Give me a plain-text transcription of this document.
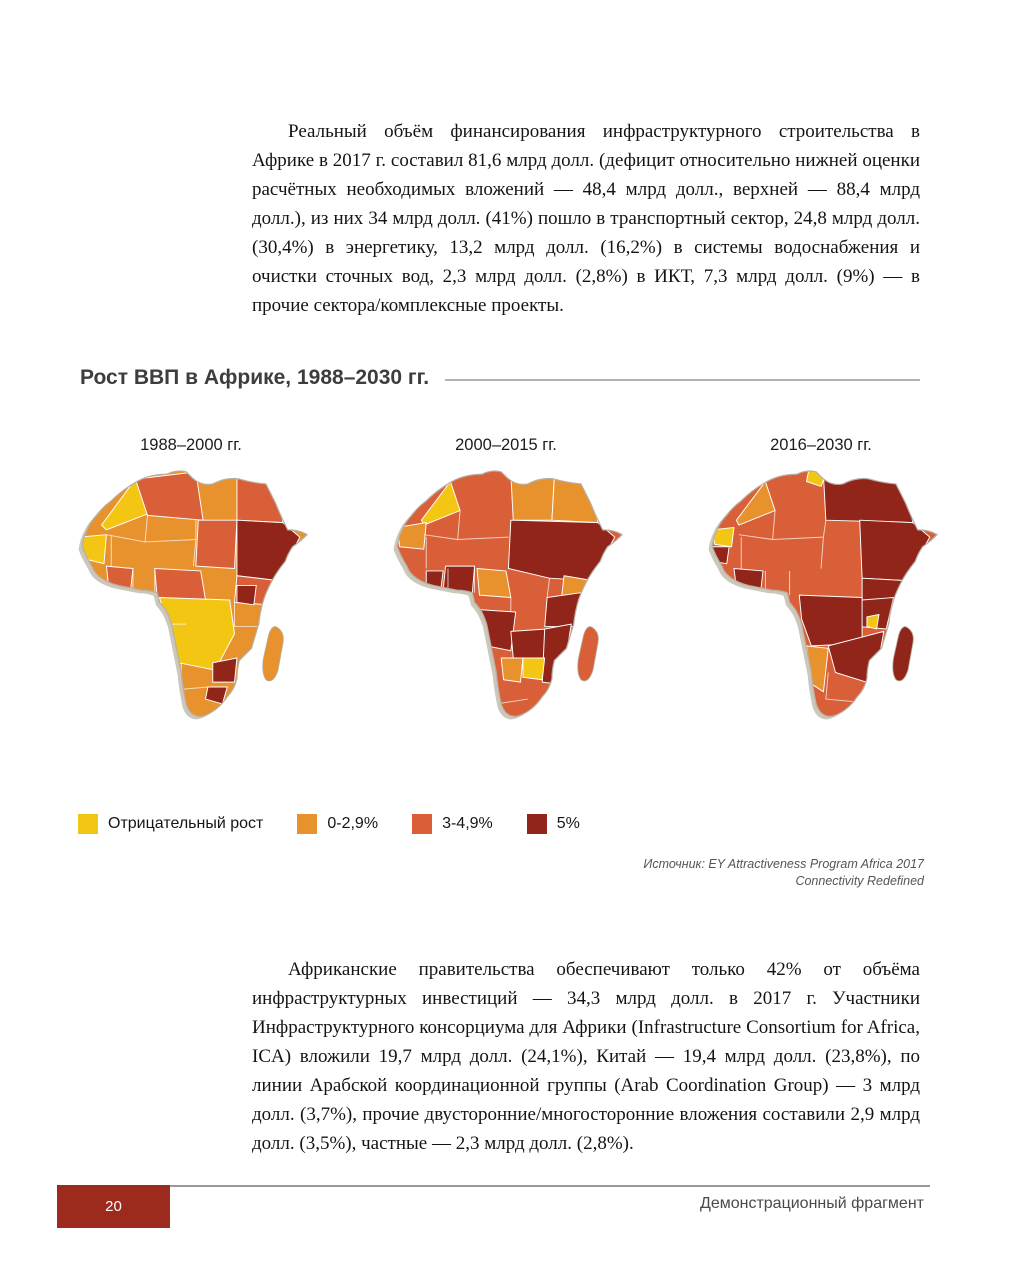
Реальный объём финансирования инфраструктурного строительства в Африке в 2017 г. составил 81,6 млрд долл. (дефицит относительно нижней оценки расчётных необходимых вложений — 48,4 млрд долл., верхней — 88,4 млрд долл.), из них 34 млрд долл. (41%) пошло в транспортный сектор, 24,8 млрд долл. (30,4%) в энергетику, 13,2 млрд долл. (16,2%) в системы водоснабжения и очистки сточных вод, 2,3 млрд долл. (2,8%) в ИКТ, 7,3 млрд долл. (9%) — в прочие сектора/комплексные проекты.

Рост ВВП в Африке, 1988–2030 гг.
1988–2000 гг.	2000–2015 гг.	2016–2030 гг.
Отрицательный рост	0-2,9%	3-4,9%	5%
Источник: EY Attractiveness Program Africa 2017
Connectivity Redefined

Африканские правительства обеспечивают только 42% от объёма инфраструктурных инвестиций — 34,3 млрд долл. в 2017 г. Участники Инфраструктурного консорциума для Африки (Infrastructure Consortium for Africa, ICA) вложили 19,7 млрд долл. (24,1%), Китай — 19,4 млрд долл. (23,8%), по линии Арабской координационной группы (Arab Coordination Group) — 3 млрд долл. (3,7%), прочие двусторонние/многосторонние вложения составили 2,9 млрд долл. (3,5%), частные — 2,3 млрд долл. (2,8%).

20	Демонстрационный фрагмент
